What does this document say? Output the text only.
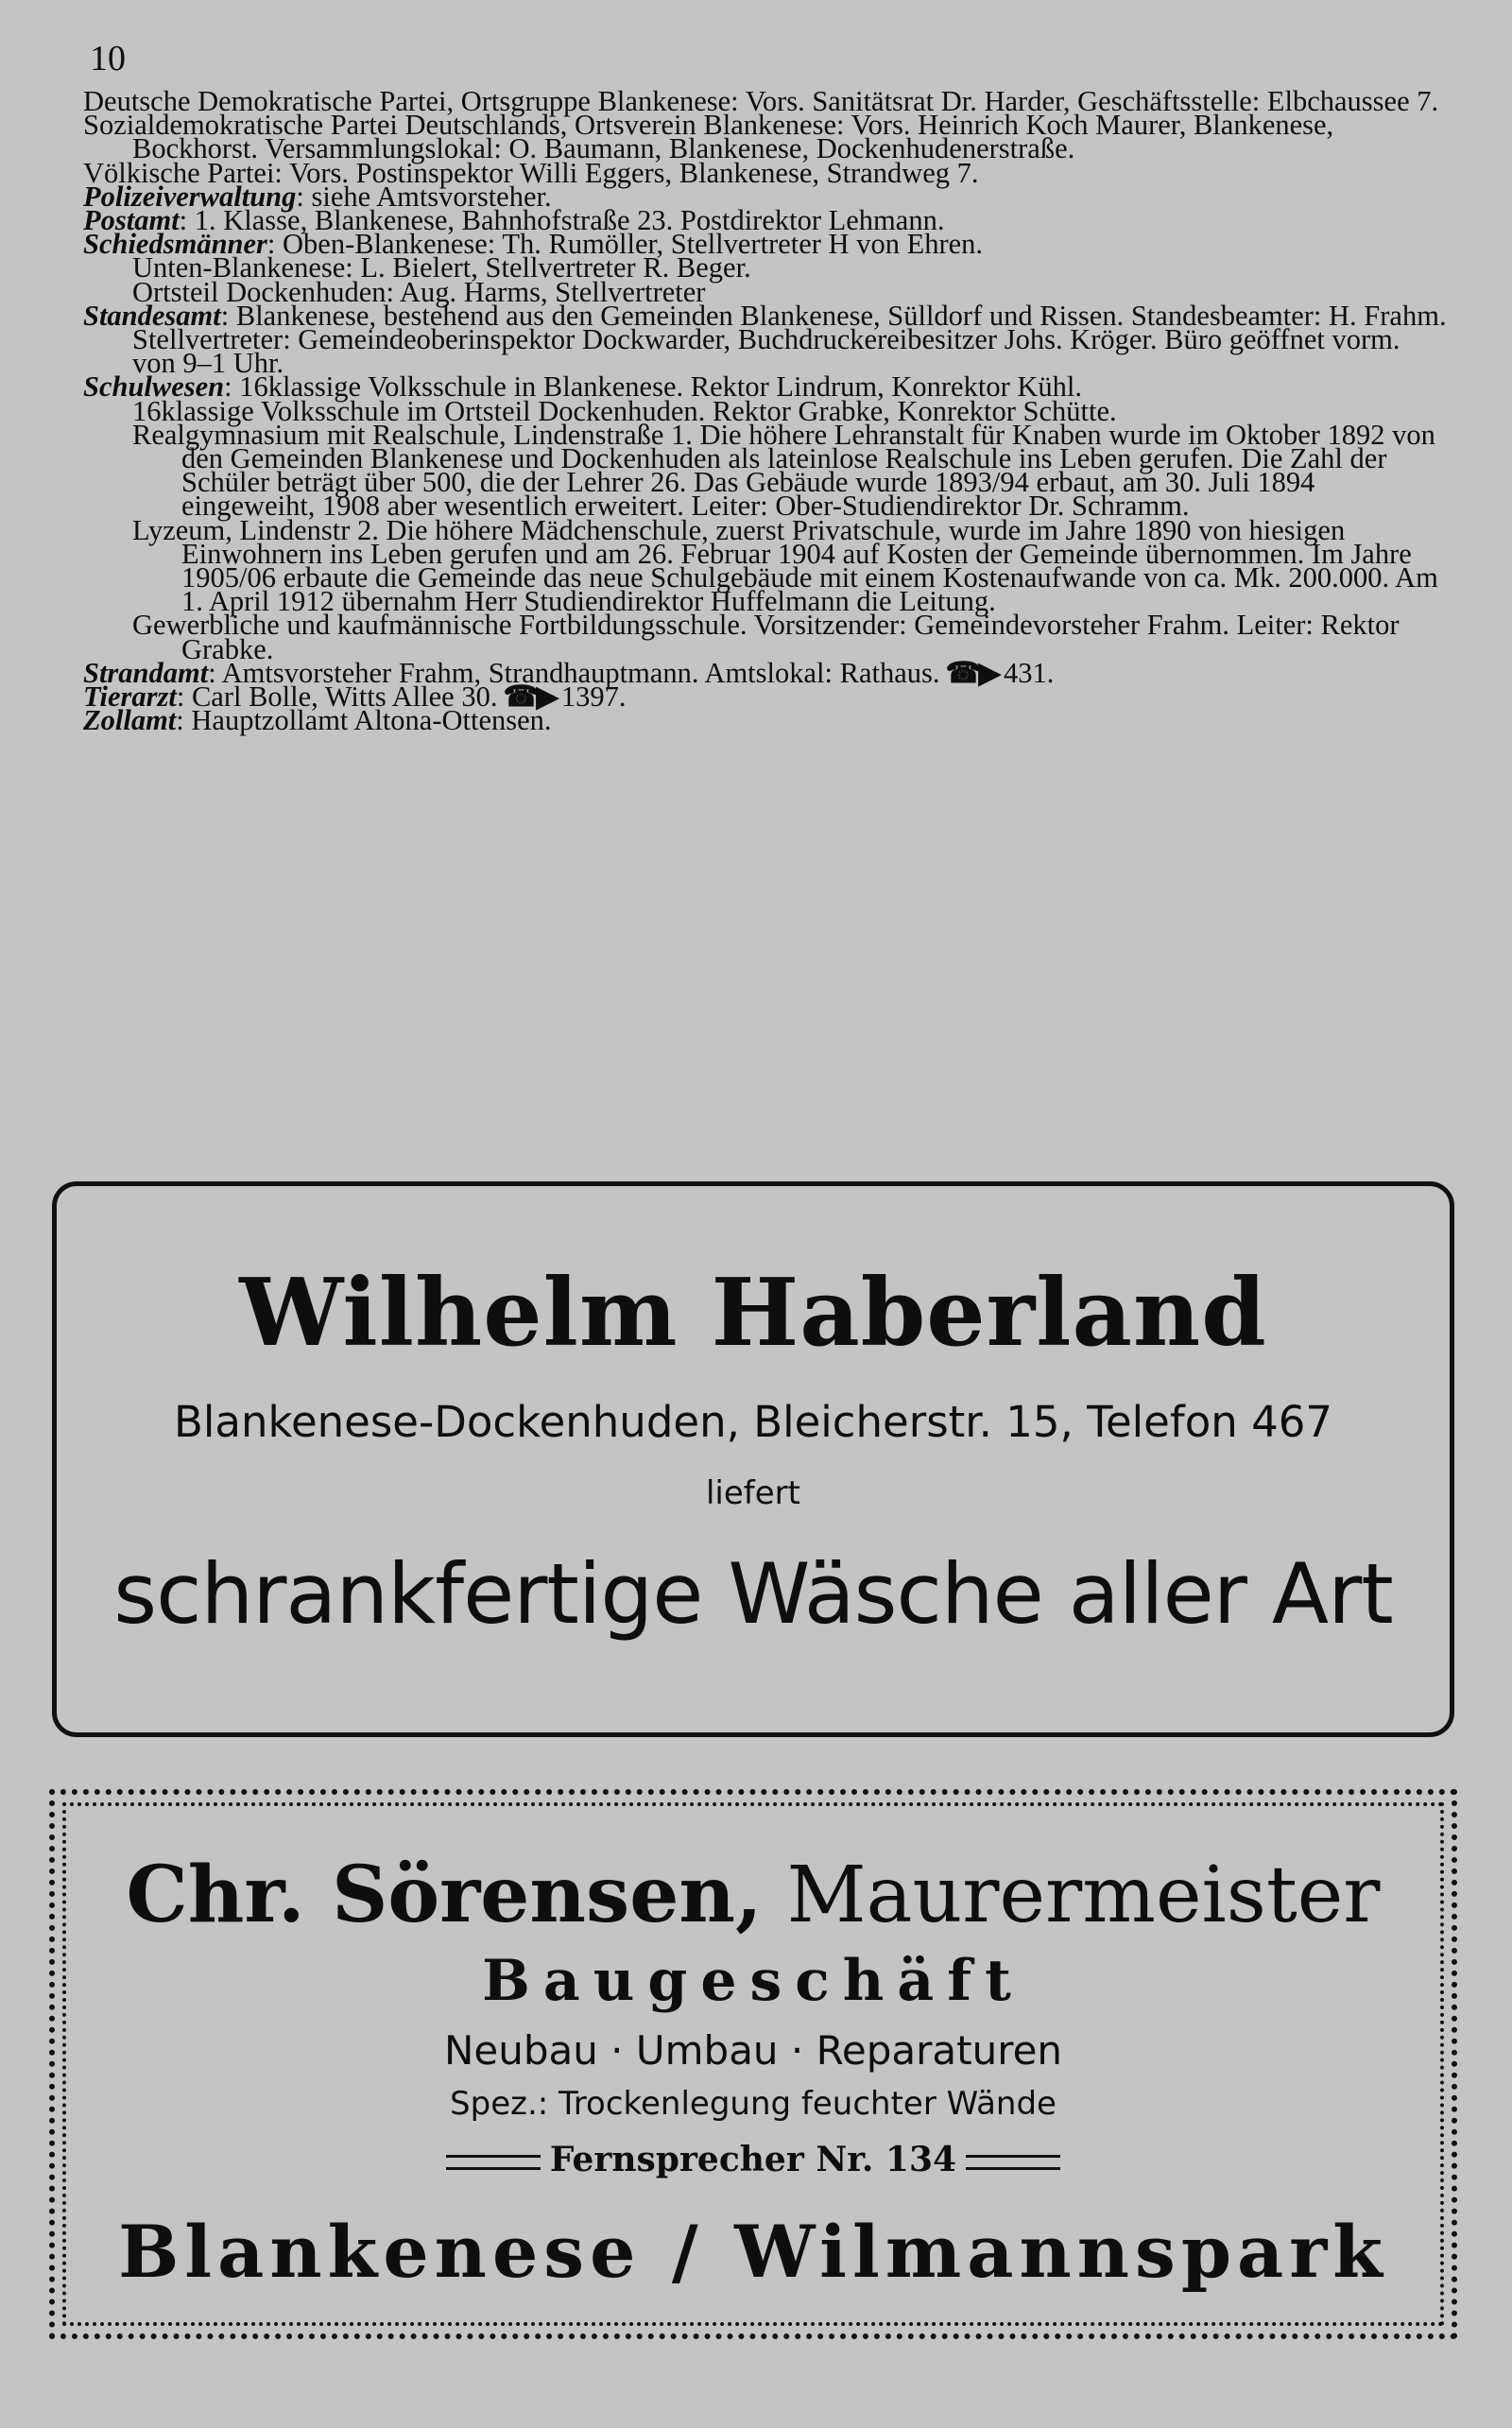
10

Deutsche Demokratische Partei, Ortsgruppe Blankenese: Vors. Sanitätsrat Dr. Harder, Geschäftsstelle: Elbchaussee 7.

Sozialdemokratische Partei Deutschlands, Ortsverein Blankenese: Vors. Heinrich Koch Maurer, Blankenese, Bockhorst. Versammlungslokal: O. Baumann, Blankenese, Dockenhudenerstraße.

Völkische Partei: Vors. Postinspektor Willi Eggers, Blankenese, Strandweg 7.

Polizeiverwaltung: siehe Amtsvorsteher.

Postamt: 1. Klasse, Blankenese, Bahnhofstraße 23. Postdirektor Lehmann.

Schiedsmänner: Oben-Blankenese: Th. Rumöller, Stellvertreter H von Ehren.

Unten-Blankenese: L. Bielert, Stellvertreter R. Beger.

Ortsteil Dockenhuden: Aug. Harms, Stellvertreter

Standesamt: Blankenese, bestehend aus den Gemeinden Blankenese, Sülldorf und Rissen. Standesbeamter: H. Frahm. Stellvertreter: Gemeindeoberinspektor Dockwarder, Buchdruckereibesitzer Johs. Kröger. Büro geöffnet vorm. von 9–1 Uhr.

Schulwesen: 16klassige Volksschule in Blankenese. Rektor Lindrum, Konrektor Kühl.

16klassige Volksschule im Ortsteil Dockenhuden. Rektor Grabke, Konrektor Schütte.

Realgymnasium mit Realschule, Lindenstraße 1. Die höhere Lehranstalt für Knaben wurde im Oktober 1892 von den Gemeinden Blankenese und Dockenhuden als lateinlose Realschule ins Leben gerufen. Die Zahl der Schüler beträgt über 500, die der Lehrer 26. Das Gebäude wurde 1893/94 erbaut, am 30. Juli 1894 eingeweiht, 1908 aber wesentlich erweitert. Leiter: Ober-Studiendirektor Dr. Schramm.

Lyzeum, Lindenstr 2. Die höhere Mädchenschule, zuerst Privatschule, wurde im Jahre 1890 von hiesigen Einwohnern ins Leben gerufen und am 26. Februar 1904 auf Kosten der Gemeinde übernommen. Im Jahre 1905/06 erbaute die Gemeinde das neue Schulgebäude mit einem Kostenaufwande von ca. Mk. 200.000. Am 1. April 1912 übernahm Herr Studiendirektor Huffelmann die Leitung.

Gewerbliche und kaufmännische Fortbildungsschule. Vorsitzender: Gemeindevorsteher Frahm. Leiter: Rektor Grabke.

Strandamt: Amtsvorsteher Frahm, Strandhauptmann. Amtslokal: Rathaus. ☎▶ 431.

Tierarzt: Carl Bolle, Witts Allee 30. ☎▶ 1397.

Zollamt: Hauptzollamt Altona-Ottensen.

Wilhelm Haberland
Blankenese-Dockenhuden, Bleicherstr. 15, Telefon 467
liefert
schrankfertige Wäsche aller Art
Chr. Sörensen, Maurermeister
Baugeschäft
Neubau · Umbau · Reparaturen
Spez.: Trockenlegung feuchter Wände
Fernsprecher Nr. 134
Blankenese / Wilmannspark
